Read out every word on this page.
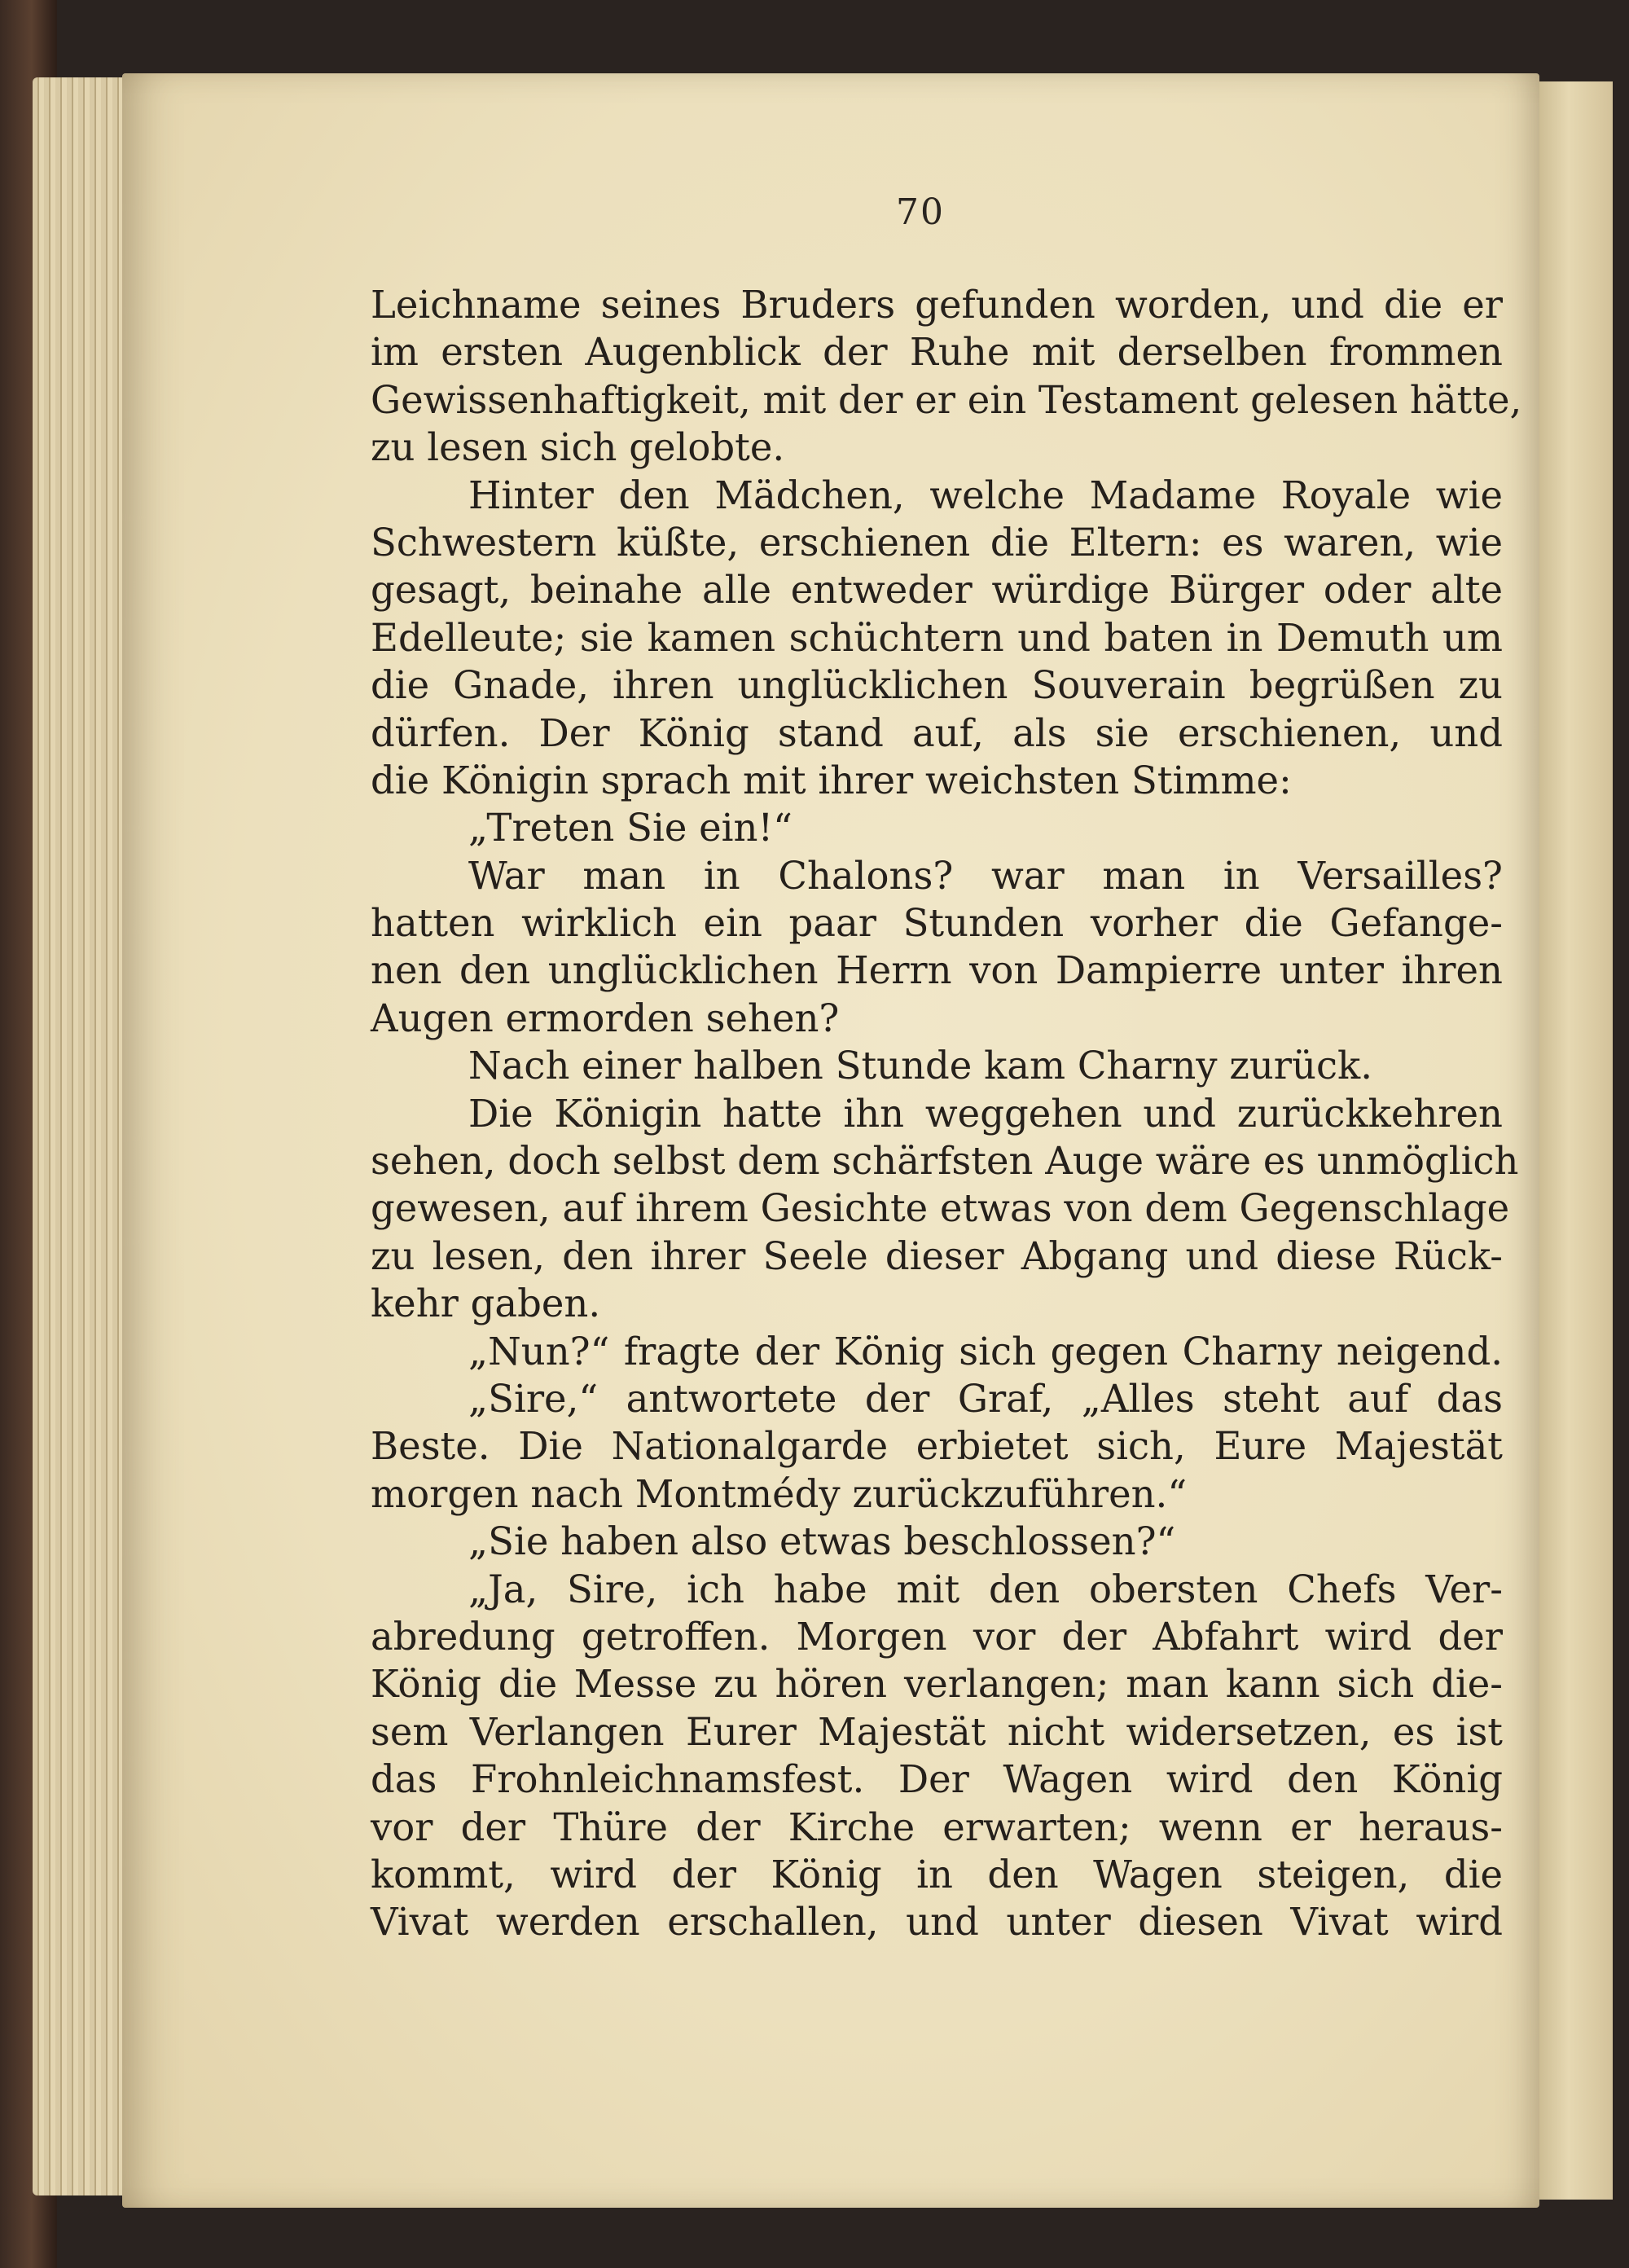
70
Leichname seines Bruders gefunden worden, und die er
im ersten Augenblick der Ruhe mit derselben frommen
Gewissenhaftigkeit, mit der er ein Testament gelesen hätte,
zu lesen sich gelobte.
Hinter den Mädchen, welche Madame Royale wie
Schwestern küßte, erschienen die Eltern: es waren, wie
gesagt, beinahe alle entweder würdige Bürger oder alte
Edelleute; sie kamen schüchtern und baten in Demuth um
die Gnade, ihren unglücklichen Souverain begrüßen zu
dürfen. Der König stand auf, als sie erschienen, und
die Königin sprach mit ihrer weichsten Stimme:
„Treten Sie ein!“
War man in Chalons? war man in Versailles?
hatten wirklich ein paar Stunden vorher die Gefange-
nen den unglücklichen Herrn von Dampierre unter ihren
Augen ermorden sehen?
Nach einer halben Stunde kam Charny zurück.
Die Königin hatte ihn weggehen und zurückkehren
sehen, doch selbst dem schärfsten Auge wäre es unmöglich
gewesen, auf ihrem Gesichte etwas von dem Gegenschlage
zu lesen, den ihrer Seele dieser Abgang und diese Rück-
kehr gaben.
„Nun?“ fragte der König sich gegen Charny neigend.
„Sire,“ antwortete der Graf, „Alles steht auf das
Beste. Die Nationalgarde erbietet sich, Eure Majestät
morgen nach Montmédy zurückzuführen.“
„Sie haben also etwas beschlossen?“
„Ja, Sire, ich habe mit den obersten Chefs Ver-
abredung getroffen. Morgen vor der Abfahrt wird der
König die Messe zu hören verlangen; man kann sich die-
sem Verlangen Eurer Majestät nicht widersetzen, es ist
das Frohnleichnamsfest. Der Wagen wird den König
vor der Thüre der Kirche erwarten; wenn er heraus-
kommt, wird der König in den Wagen steigen, die
Vivat werden erschallen, und unter diesen Vivat wird
